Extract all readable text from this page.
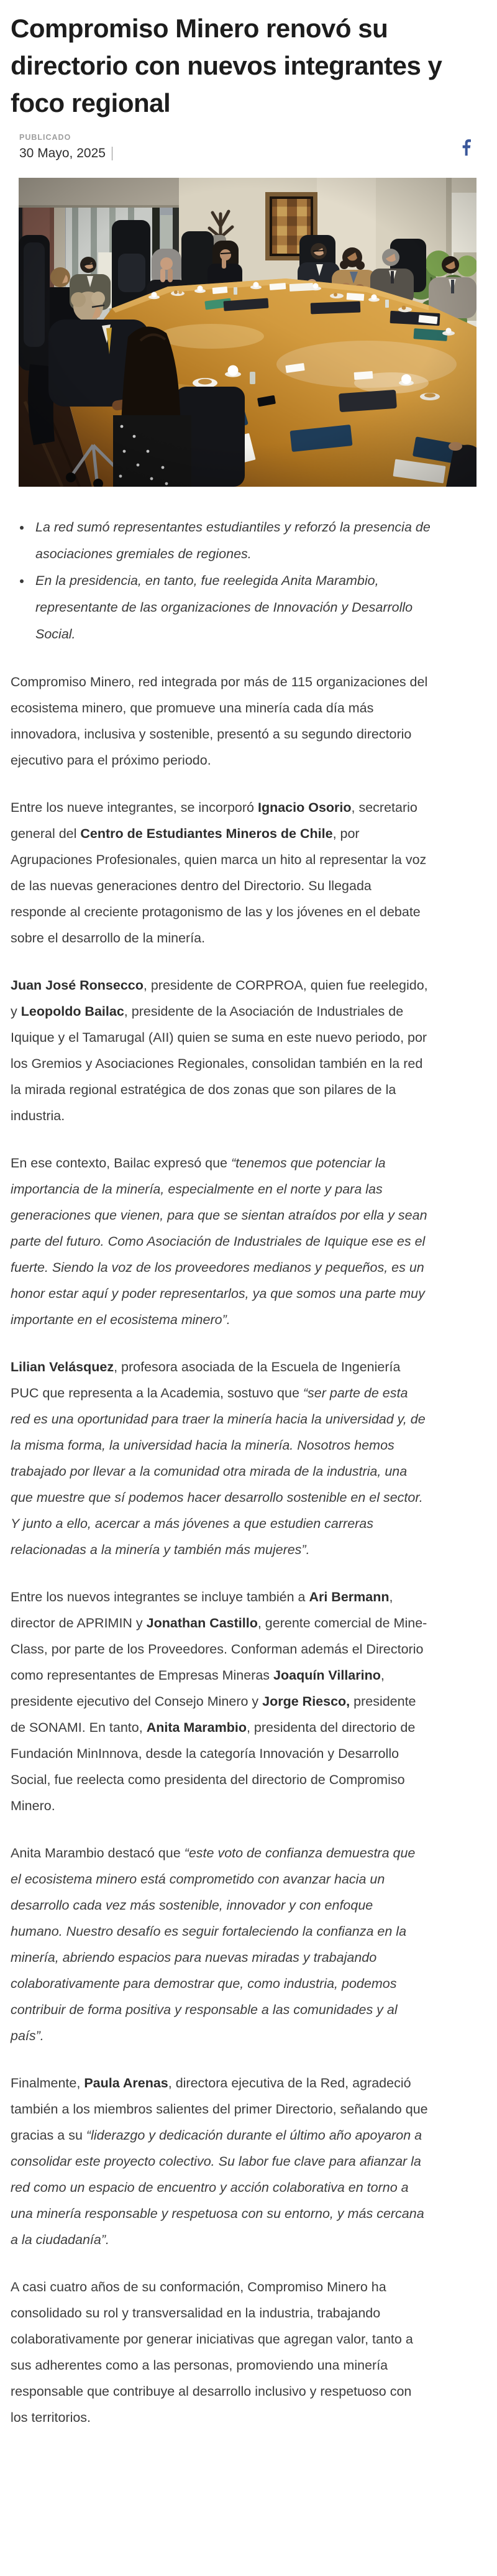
Compromiso Minero renovó su directorio con nuevos integrantes y foco regional
PUBLICADO
30 Mayo, 2025
• La red sumó representantes estudiantiles y reforzó la presencia de asociaciones gremiales de regiones.
• En la presidencia, en tanto, fue reelegida Anita Marambio, representante de las organizaciones de Innovación y Desarrollo Social.

Compromiso Minero, red integrada por más de 115 organizaciones del ecosistema minero, que promueve una minería cada día más innovadora, inclusiva y sostenible, presentó a su segundo directorio ejecutivo para el próximo periodo.

Entre los nueve integrantes, se incorporó Ignacio Osorio, secretario general del Centro de Estudiantes Mineros de Chile, por Agrupaciones Profesionales, quien marca un hito al representar la voz de las nuevas generaciones dentro del Directorio. Su llegada responde al creciente protagonismo de las y los jóvenes en el debate sobre el desarrollo de la minería.

Juan José Ronsecco, presidente de CORPROA, quien fue reelegido, y Leopoldo Bailac, presidente de la Asociación de Industriales de Iquique y el Tamarugal (AII) quien se suma en este nuevo periodo, por los Gremios y Asociaciones Regionales, consolidan también en la red la mirada regional estratégica de dos zonas que son pilares de la industria.

En ese contexto, Bailac expresó que “tenemos que potenciar la importancia de la minería, especialmente en el norte y para las generaciones que vienen, para que se sientan atraídos por ella y sean parte del futuro. Como Asociación de Industriales de Iquique ese es el fuerte. Siendo la voz de los proveedores medianos y pequeños, es un honor estar aquí y poder representarlos, ya que somos una parte muy importante en el ecosistema minero”.

Lilian Velásquez, profesora asociada de la Escuela de Ingeniería PUC que representa a la Academia, sostuvo que “ser parte de esta red es una oportunidad para traer la minería hacia la universidad y, de la misma forma, la universidad hacia la minería. Nosotros hemos trabajado por llevar a la comunidad otra mirada de la industria, una que muestre que sí podemos hacer desarrollo sostenible en el sector. Y junto a ello, acercar a más jóvenes a que estudien carreras relacionadas a la minería y también más mujeres”.

Entre los nuevos integrantes se incluye también a Ari Bermann, director de APRIMIN y Jonathan Castillo, gerente comercial de Mine-Class, por parte de los Proveedores. Conforman además el Directorio como representantes de Empresas Mineras Joaquín Villarino, presidente ejecutivo del Consejo Minero y Jorge Riesco, presidente de SONAMI. En tanto, Anita Marambio, presidenta del directorio de Fundación MinInnova, desde la categoría Innovación y Desarrollo Social, fue reelecta como presidenta del directorio de Compromiso Minero.

Anita Marambio destacó que “este voto de confianza demuestra que el ecosistema minero está comprometido con avanzar hacia un desarrollo cada vez más sostenible, innovador y con enfoque humano. Nuestro desafío es seguir fortaleciendo la confianza en la minería, abriendo espacios para nuevas miradas y trabajando colaborativamente para demostrar que, como industria, podemos contribuir de forma positiva y responsable a las comunidades y al país”.

Finalmente, Paula Arenas, directora ejecutiva de la Red, agradeció también a los miembros salientes del primer Directorio, señalando que gracias a su “liderazgo y dedicación durante el último año apoyaron a consolidar este proyecto colectivo. Su labor fue clave para afianzar la red como un espacio de encuentro y acción colaborativa en torno a una minería responsable y respetuosa con su entorno, y más cercana a la ciudadanía”.

A casi cuatro años de su conformación, Compromiso Minero ha consolidado su rol y transversalidad en la industria, trabajando colaborativamente por generar iniciativas que agregan valor, tanto a sus adherentes como a las personas, promoviendo una minería responsable que contribuye al desarrollo inclusivo y respetuoso con los territorios.
